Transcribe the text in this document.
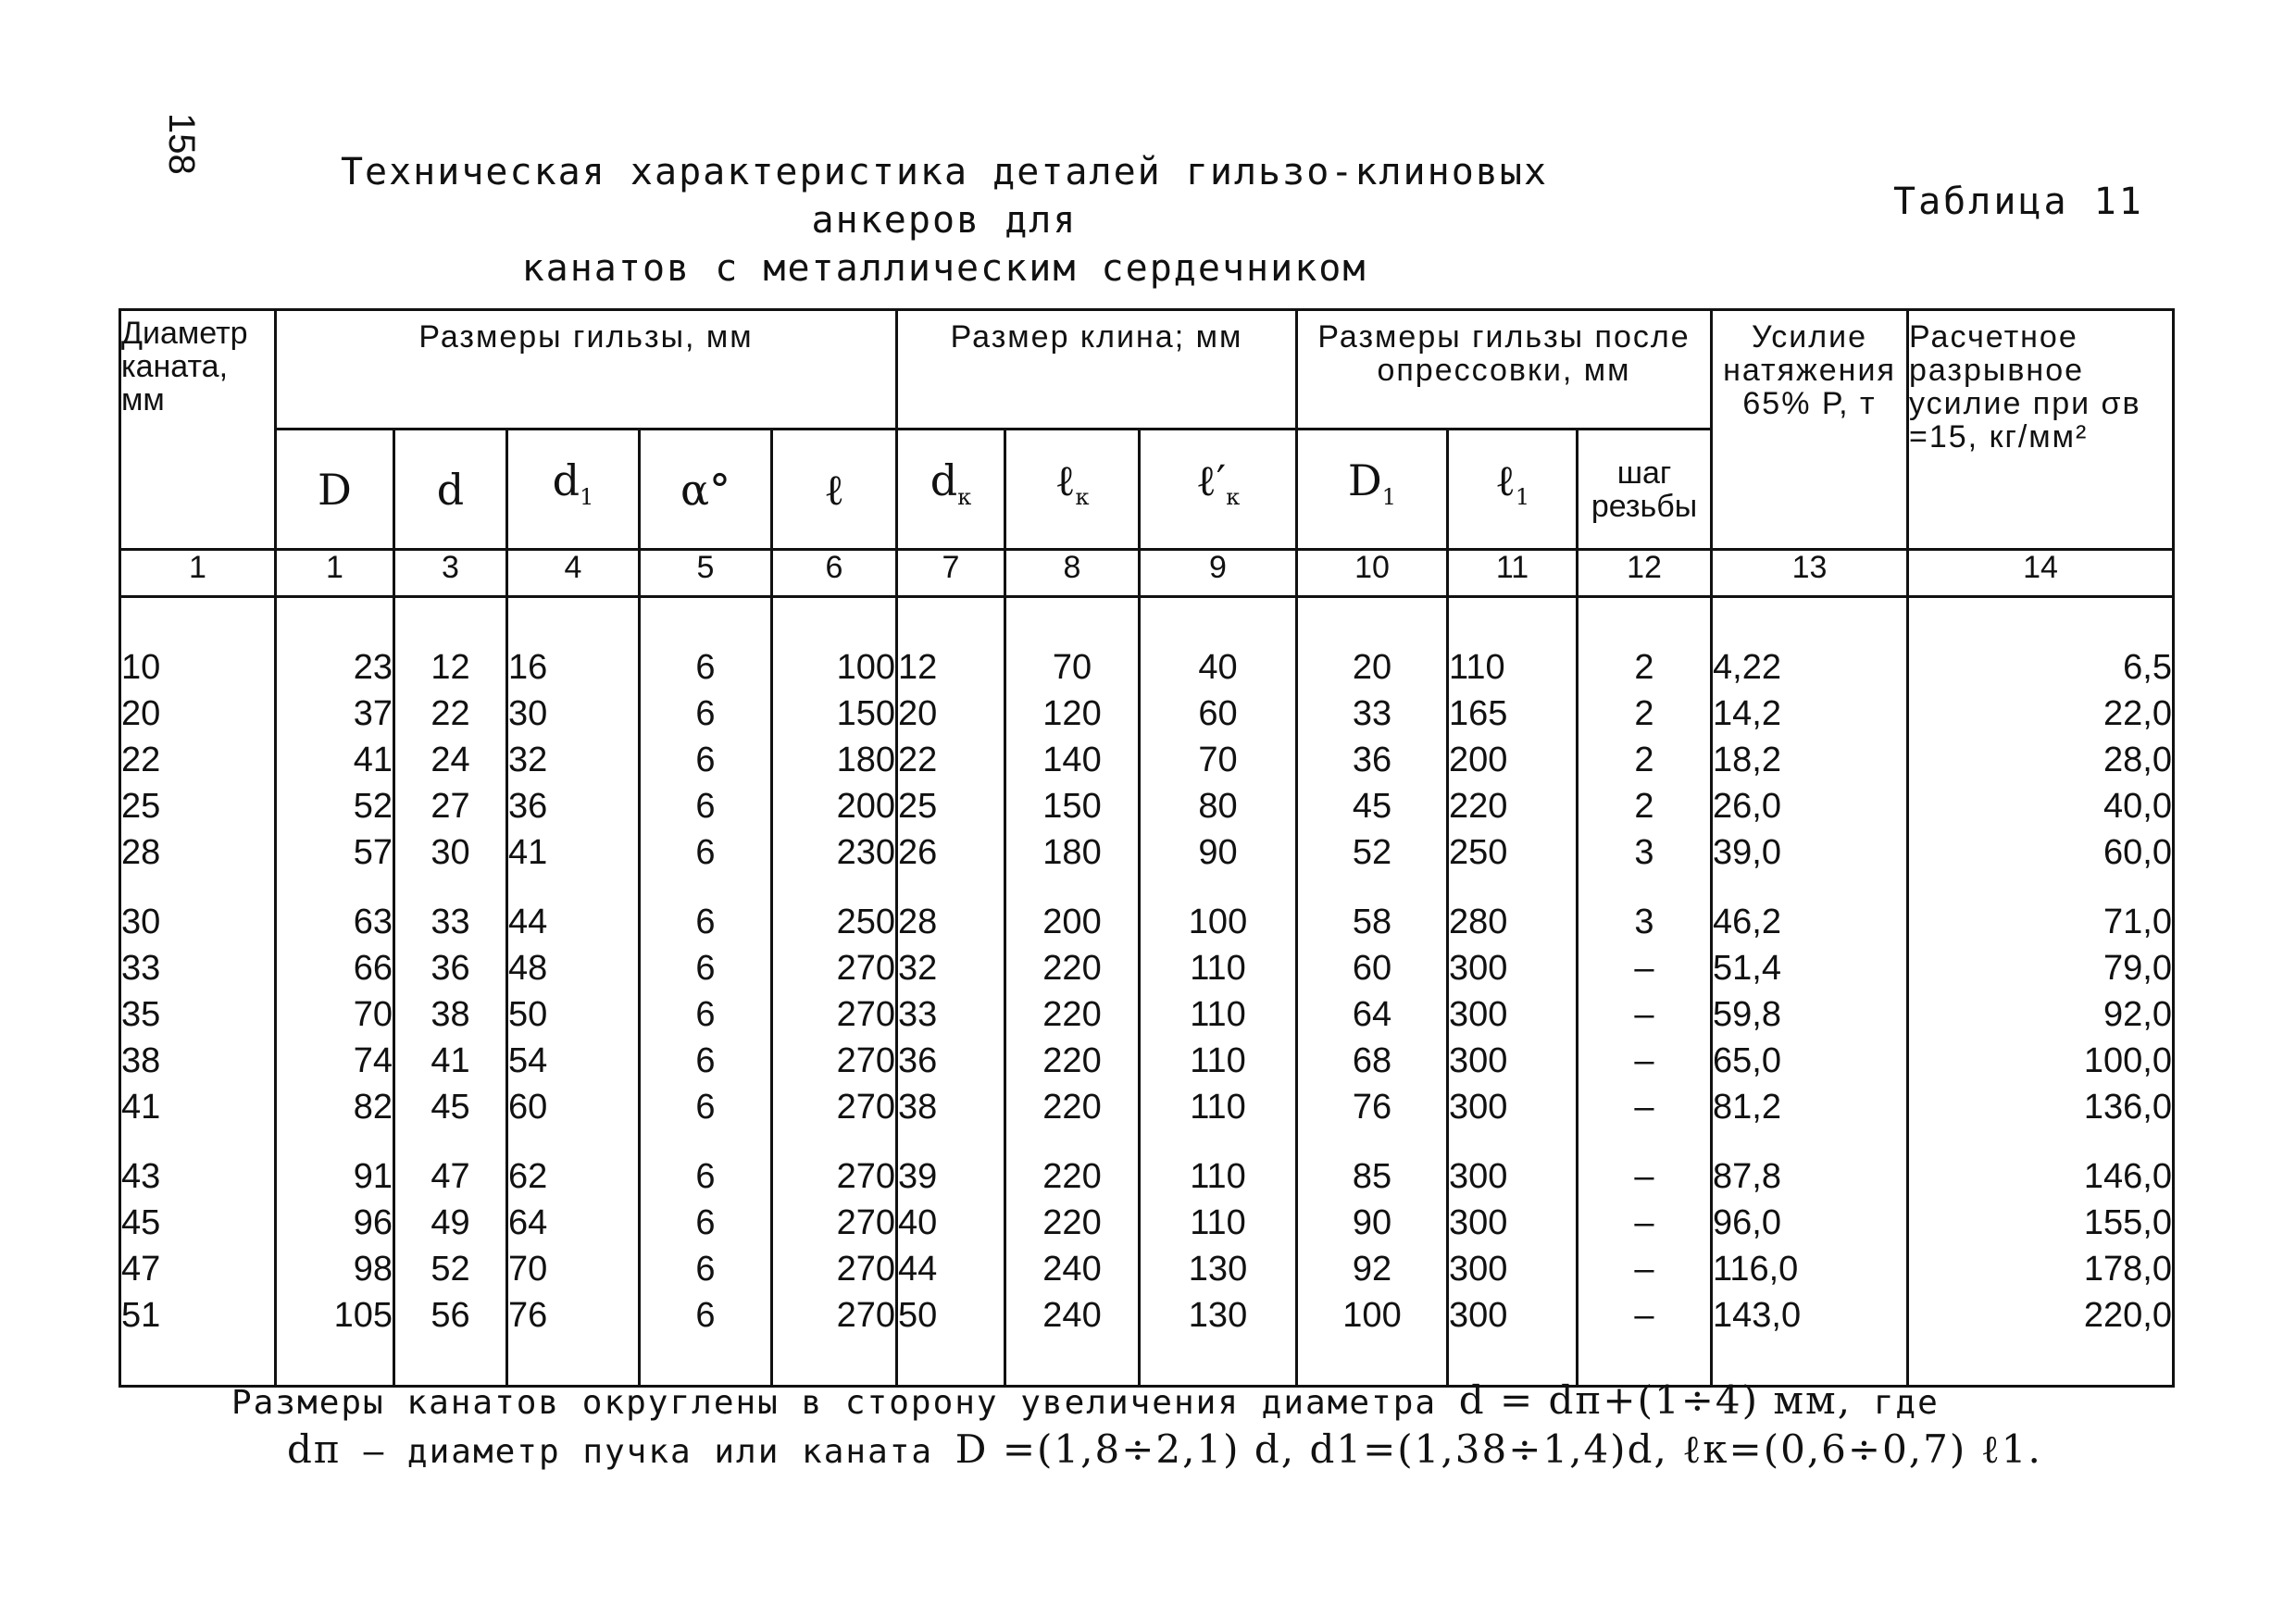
158	Техническая характеристика деталей гильзо-клиновых анкеров для
канатов с металлическим сердечником
Таблица 11
Диаметр каната, мм	Размеры гильзы, мм					Размер клина; мм			Размеры гильзы после опрессовки, мм			Усилие натяжения 65% Р, т	Расчетное разрывное усилие при σв =15, кг/мм²
	D	d	$d_1$	α°	ℓ	$d_к$	ℓ$_к$	$\ell'_к$	$D_1$	ℓ$_1$	шаг резьбы		
1	1	3	4	5	6	7	8	9	10	11	12	13	14

10	23	12	16	6	100	12	70	40	20	110	2	4,22	6,5
20	37	22	30	6	150	20	120	60	33	165	2	14,2	22,0
22	41	24	32	6	180	22	140	70	36	200	2	18,2	28,0
25	52	27	36	6	200	25	150	80	45	220	2	26,0	40,0
28	57	30	41	6	230	26	180	90	52	250	3	39,0	60,0

30	63	33	44	6	250	28	200	100	58	280	3	46,2	71,0
33	66	36	48	6	270	32	220	110	60	300	–	51,4	79,0
35	70	38	50	6	270	33	220	110	64	300	–	59,8	92,0
38	74	41	54	6	270	36	220	110	68	300	–	65,0	100,0
41	82	45	60	6	270	38	220	110	76	300	–	81,2	136,0

43	91	47	62	6	270	39	220	110	85	300	–	87,8	146,0
45	96	49	64	6	270	40	220	110	90	300	–	96,0	155,0
47	98	52	70	6	270	44	240	130	92	300	–	116,0	178,0
51	105	56	76	6	270	50	240	130	100	300	–	143,0	220,0

Размеры канатов округлены в сторону увеличения диаметра d = dп+(1÷4) мм, где
dп – диаметр пучка или каната D =(1,8÷2,1) d, d1=(1,38÷1,4)d, ℓк=(0,6÷0,7) ℓ1.
